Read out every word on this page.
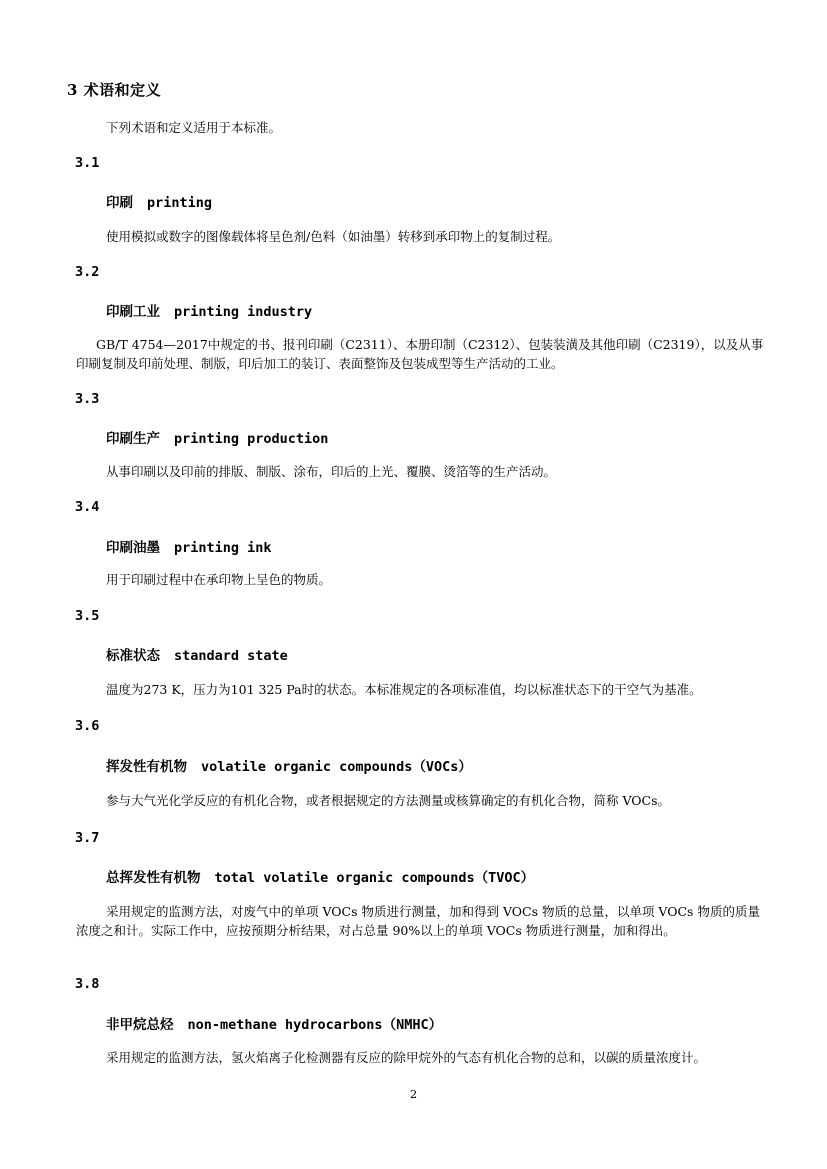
3 术语和定义
下列术语和定义适用于本标准。
3.1
印刷 printing
使用模拟或数字的图像载体将呈色剂/色料（如油墨）转移到承印物上的复制过程。
3.2
印刷工业 printing industry
GB/T 4754—2017中规定的书、报刊印刷（C2311）、本册印制（C2312）、包装装潢及其他印刷（C2319），以及从事印刷复制及印前处理、制版，印后加工的装订、表面整饰及包装成型等生产活动的工业。
3.3
印刷生产 printing production
从事印刷以及印前的排版、制版、涂布，印后的上光、覆膜、烫箔等的生产活动。
3.4
印刷油墨 printing ink
用于印刷过程中在承印物上呈色的物质。
3.5
标准状态 standard state
温度为273 K，压力为101 325 Pa时的状态。本标准规定的各项标准值，均以标准状态下的干空气为基准。
3.6
挥发性有机物 volatile organic compounds（VOCs）
参与大气光化学反应的有机化合物，或者根据规定的方法测量或核算确定的有机化合物，简称 VOCs。
3.7
总挥发性有机物 total volatile organic compounds（TVOC）
采用规定的监测方法，对废气中的单项 VOCs 物质进行测量，加和得到 VOCs 物质的总量，以单项 VOCs 物质的质量浓度之和计。实际工作中，应按预期分析结果，对占总量 90%以上的单项 VOCs 物质进行测量，加和得出。
3.8
非甲烷总烃 non-methane hydrocarbons（NMHC）
采用规定的监测方法，氢火焰离子化检测器有反应的除甲烷外的气态有机化合物的总和，以碳的质量浓度计。
2
